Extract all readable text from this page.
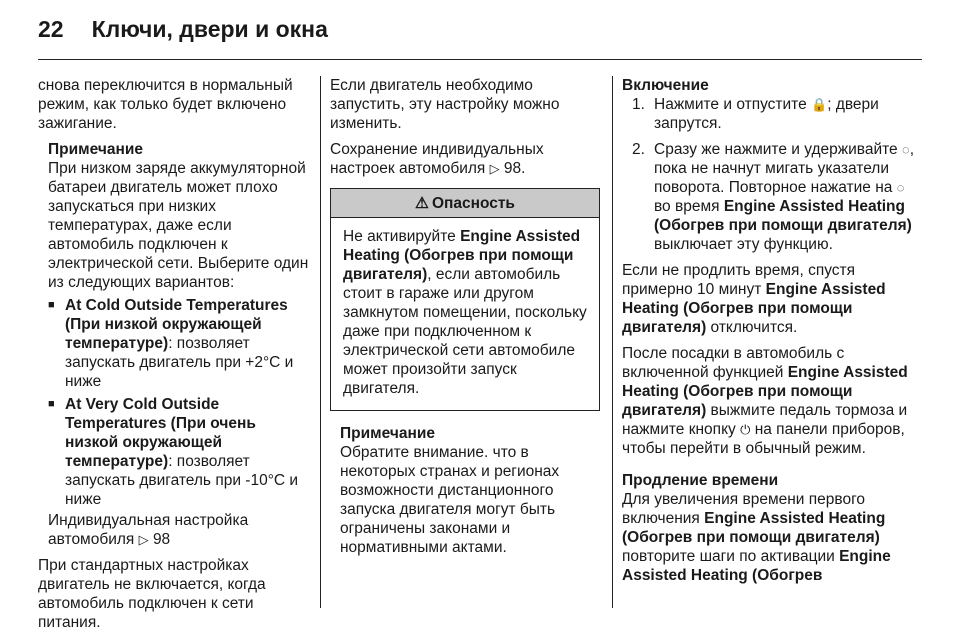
22 Ключи, двери и окна

снова переключится в нормальный режим, как только будет включено зажигание.

Примечание

При низком заряде аккумуляторной батареи двигатель может плохо запускаться при низких температурах, даже если автомобиль подключен к электрической сети. Выберите один из следующих вариантов:

■ At Cold Outside Temperatures (При низкой окружающей температуре): позволяет запускать двигатель при +2°C и ниже
■ At Very Cold Outside Temperatures (При очень низкой окружающей температуре): позволяет запускать двигатель при -10°C и ниже

Индивидуальная настройка автомобиля ▷ 98

При стандартных настройках двигатель не включается, когда автомобиль подключен к сети питания.

Если двигатель необходимо запустить, эту настройку можно изменить.

Сохранение индивидуальных настроек автомобиля ▷ 98.

⚠ Опасность
Не активируйте Engine Assisted Heating (Обогрев при помощи двигателя), если автомобиль стоит в гараже или другом замкнутом помещении, поскольку даже при подключенном к электрической сети автомобиле может произойти запуск двигателя.

Примечание

Обратите внимание. что в некоторых странах и регионах возможности дистанционного запуска двигателя могут быть ограничены законами и нормативными актами.

Включение

1. Нажмите и отпустите 🔒; двери запрутся.
2. Сразу же нажмите и удерживайте ◌, пока не начнут мигать указатели поворота. Повторное нажатие на ◌ во время Engine Assisted Heating (Обогрев при помощи двигателя) выключает эту функцию.

Если не продлить время, спустя примерно 10 минут Engine Assisted Heating (Обогрев при помощи двигателя) отключится.

После посадки в автомобиль с включенной функцией Engine Assisted Heating (Обогрев при помощи двигателя) выжмите педаль тормоза и нажмите кнопку ⏻ на панели приборов, чтобы перейти в обычный режим.

Продление времени

Для увеличения времени первого включения Engine Assisted Heating (Обогрев при помощи двигателя) повторите шаги по активации Engine Assisted Heating (Обогрев
